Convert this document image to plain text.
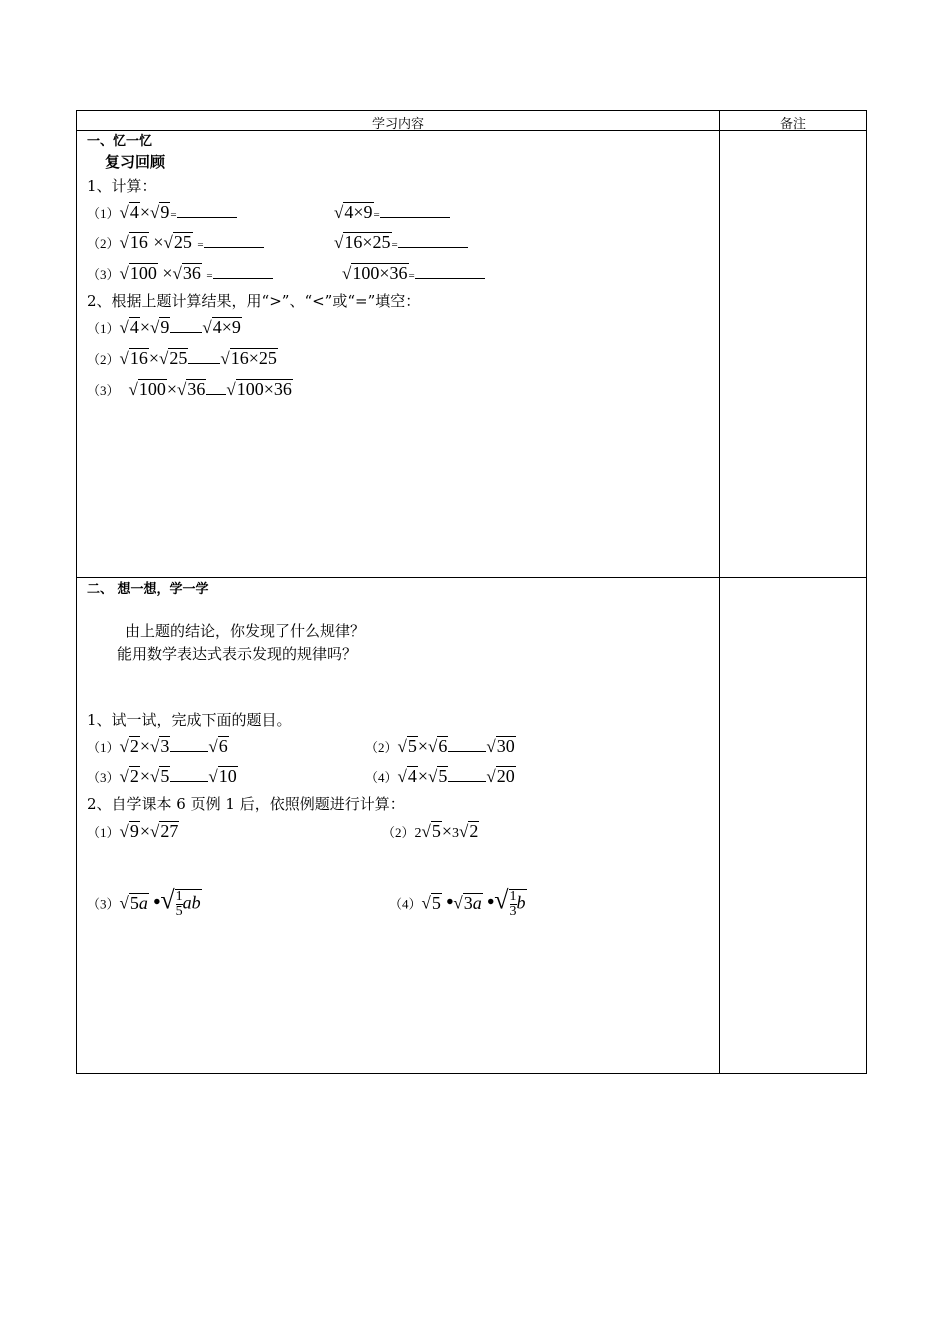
学习内容	备注
一、忆一忆
复习回顾
1、计算：
（1）√4×√9=	√4×9=
（2）√16 ×√25 =	√16×25=
（3）√100 ×√36 =	√100×36=
2、根据上题计算结果，用“>”、“<”或“=”填空：
（1）√4×√9 √4×9
（2）√16×√25 √16×25
（3） √100×√36 √100×36
二、 想一想，学一学
由上题的结论，你发现了什么规律？
能用数学表达式表示发现的规律吗？
1、试一试，完成下面的题目。
（1）√2×√3 √6	（2）√5×√6 √30
（3）√2×√5 √10	（4）√4×√5 √20
2、自学课本 6 页例 1 后，依照例题进行计算：
（1）√9×√27	（2）2√5×3√2
（3）√5a •√ $\frac{1}{5}$ ab	（4）√5 •√3a •√ $\frac{1}{3}$ b
